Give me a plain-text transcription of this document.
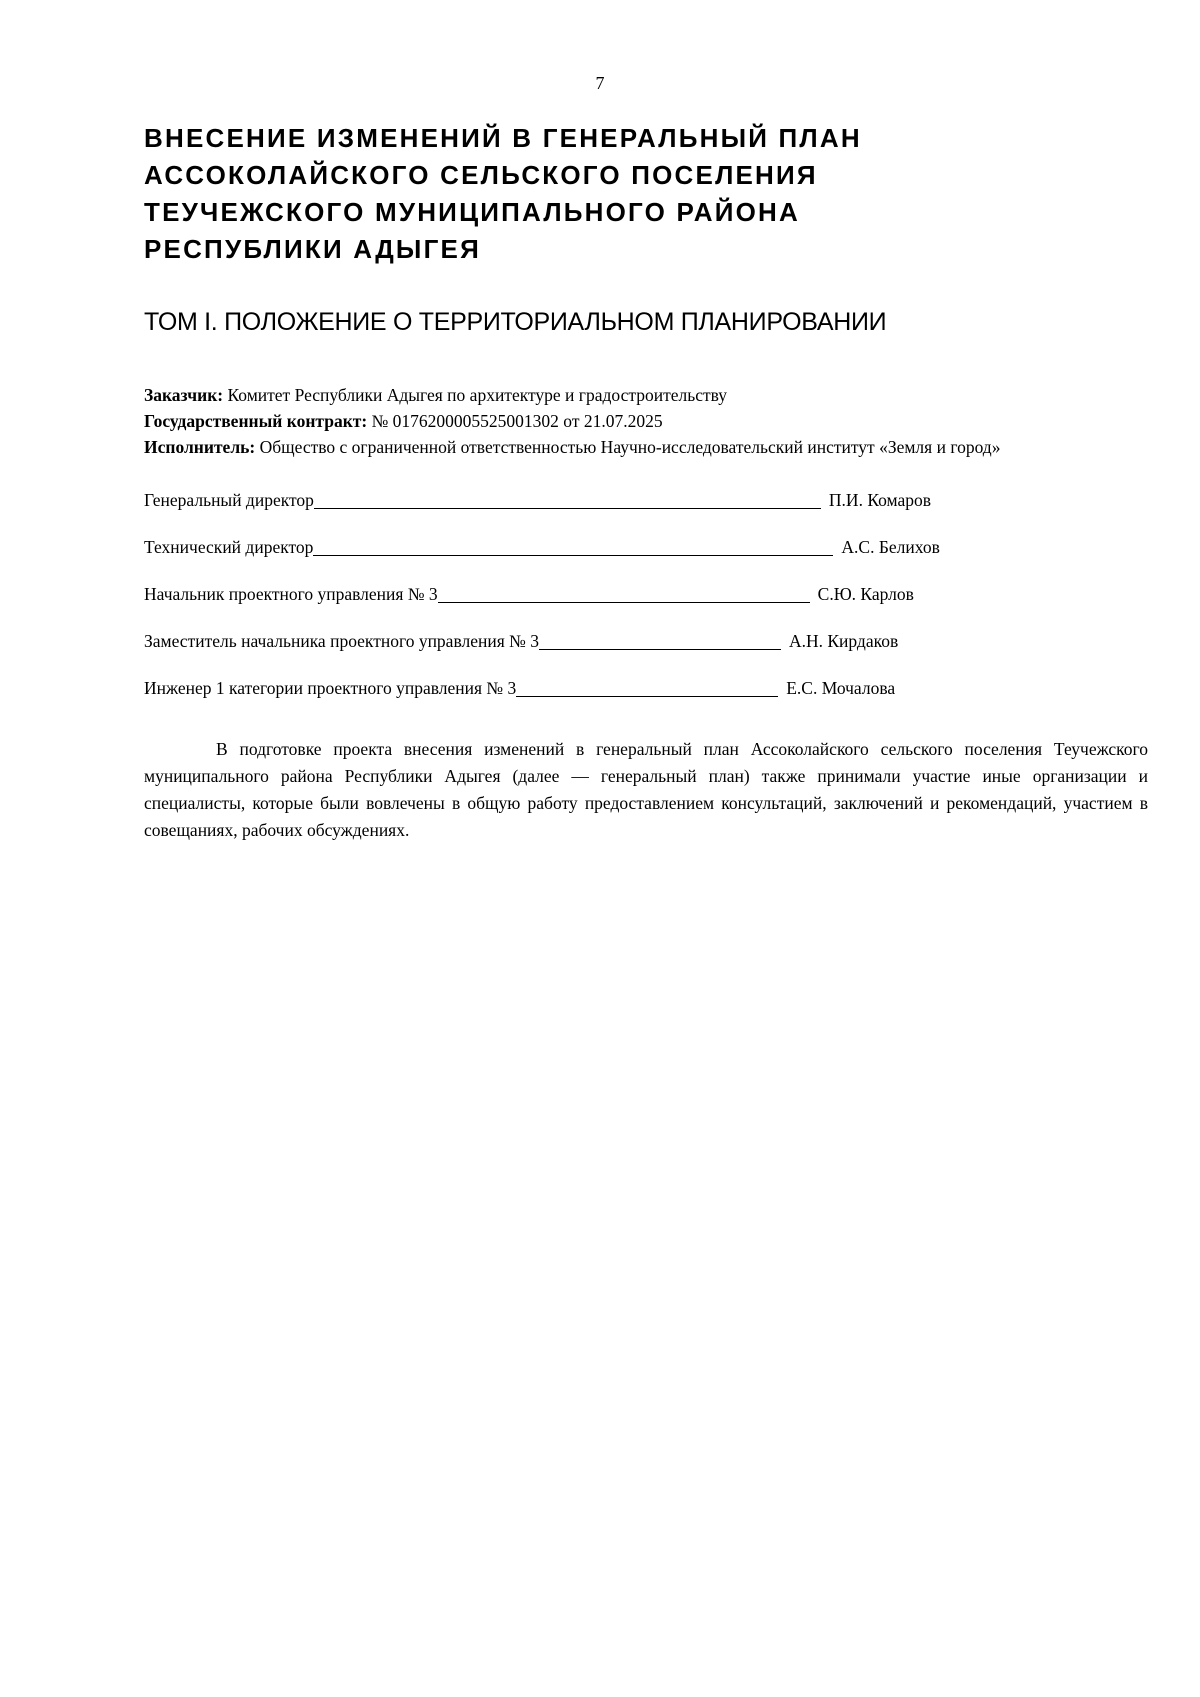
7
ВНЕСЕНИЕ ИЗМЕНЕНИЙ В ГЕНЕРАЛЬНЫЙ ПЛАН
АССОКОЛАЙСКОГО СЕЛЬСКОГО ПОСЕЛЕНИЯ
ТЕУЧЕЖСКОГО МУНИЦИПАЛЬНОГО РАЙОНА
РЕСПУБЛИКИ АДЫГЕЯ
ТОМ I. ПОЛОЖЕНИЕ О ТЕРРИТОРИАЛЬНОМ ПЛАНИРОВАНИИ
Заказчик: Комитет Республики Адыгея по архитектуре и градостроительству
Государственный контракт: № 0176200005525001302 от 21.07.2025
Исполнитель: Общество с ограниченной ответственностью Научно-исследовательский институт «Земля и город»
Генеральный директор	П.И. Комаров
Технический директор	А.С. Белихов
Начальник проектного управления № 3	С.Ю. Карлов
Заместитель начальника проектного управления № 3	А.Н. Кирдаков
Инженер 1 категории проектного управления № 3	Е.С. Мочалова

В подготовке проекта внесения изменений в генеральный план Ассоколайского сельского поселения Теучежского муниципального района Республики Адыгея (далее — генеральный план) также принимали участие иные организации и специалисты, которые были вовлечены в общую работу предоставлением консультаций, заключений и рекомендаций, участием в совещаниях, рабочих обсуждениях.
